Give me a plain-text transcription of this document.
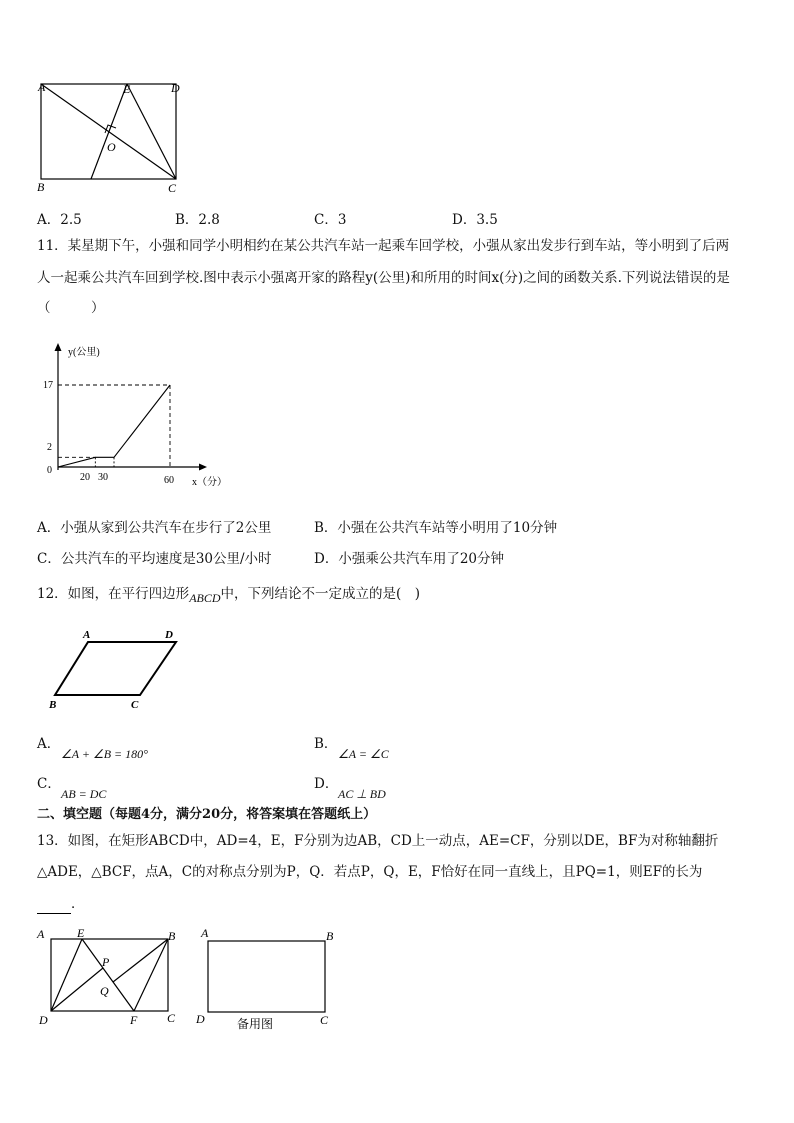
A	E	D
O
B	C
A．2.5	B．2.8	C．3	D．3.5
11．某星期下午，小强和同学小明相约在某公共汽车站一起乘车回学校，小强从家出发步行到车站，等小明到了后两
人一起乘公共汽车回到学校.图中表示小强离开家的路程y(公里)和所用的时间x(分)之间的函数关系.下列说法错误的是
（　　　）
y(公里)
17
2
0
20 30	60 x（分）
A．小强从家到公共汽车在步行了2公里	B．小强在公共汽车站等小明用了10分钟
C．公共汽车的平均速度是30公里/小时	D．小强乘公共汽车用了20分钟
12．如图，在平行四边形ABCD中，下列结论不一定成立的是(　)
A	D
B	C
A．
∠A + ∠B = 180°
B．
∠A = ∠C
C．
AB = DC
D．
AC ⊥ BD
二、填空题（每题4分，满分20分，将答案填在答题纸上）
13．如图，在矩形ABCD中，AD=4，E，F分别为边AB，CD上一动点，AE=CF，分别以DE，BF为对称轴翻折
△ADE，△BCF，点A，C的对称点分别为P，Q．若点P，Q，E，F恰好在同一直线上，且PQ=1，则EF的长为
．
A	E	B
P
Q
D	F C
A	B
D	C
备用图
